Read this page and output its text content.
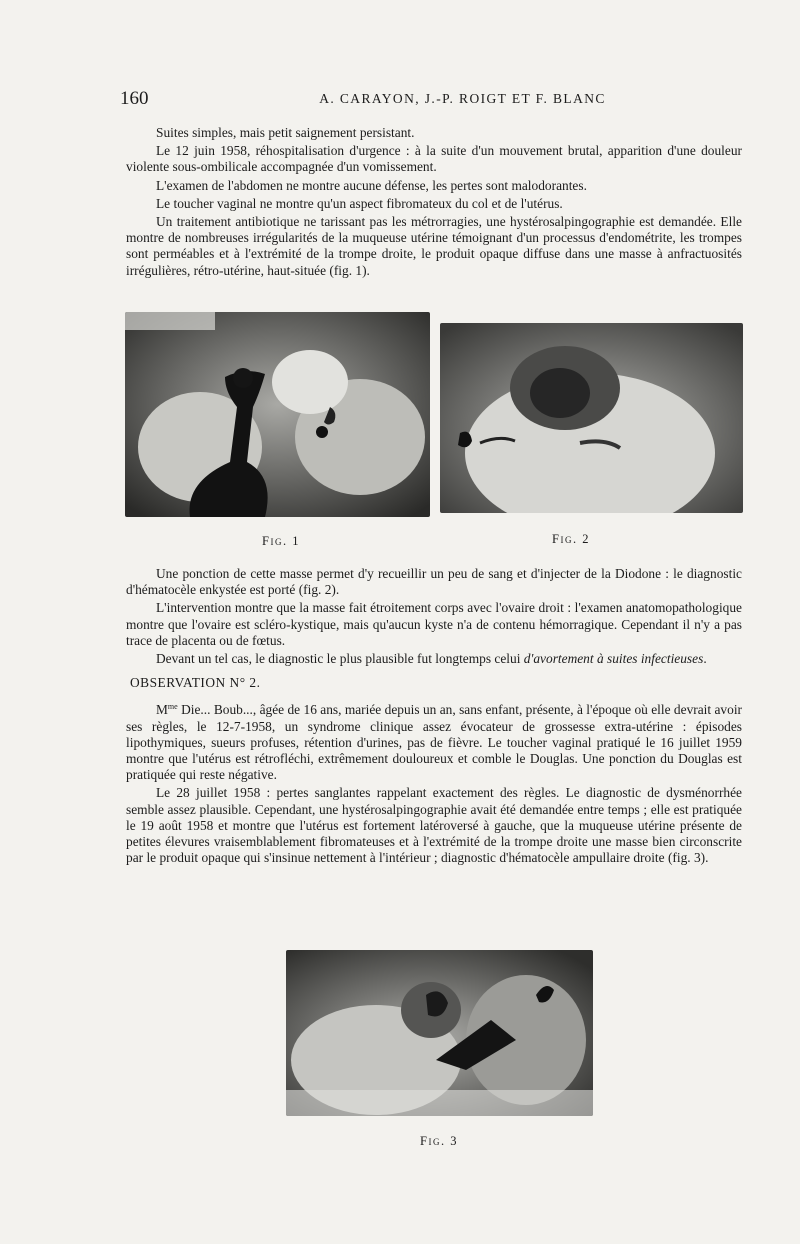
160	A. CARAYON, J.-P. ROIGT ET F. BLANC

Suites simples, mais petit saignement persistant.

Le 12 juin 1958, réhospitalisation d'urgence : à la suite d'un mouvement brutal, apparition d'une douleur violente sous-ombilicale accompagnée d'un vomissement.

L'examen de l'abdomen ne montre aucune défense, les pertes sont malodorantes.

Le toucher vaginal ne montre qu'un aspect fibromateux du col et de l'utérus.

Un traitement antibiotique ne tarissant pas les métrorragies, une hystérosalpingographie est demandée. Elle montre de nombreuses irrégularités de la muqueuse utérine témoignant d'un processus d'endométrite, les trompes sont perméables et à l'extrémité de la trompe droite, le produit opaque diffuse dans une masse à anfractuosités irrégulières, rétro-utérine, haut-située (fig. 1).

Fig. 1	Fig. 2

Une ponction de cette masse permet d'y recueillir un peu de sang et d'injecter de la Diodone : le diagnostic d'hématocèle enkystée est porté (fig. 2).

L'intervention montre que la masse fait étroitement corps avec l'ovaire droit : l'examen anatomopathologique montre que l'ovaire est scléro-kystique, mais qu'aucun kyste n'a de contenu hémorragique. Cependant il n'y a pas trace de placenta ou de fœtus.

Devant un tel cas, le diagnostic le plus plausible fut longtemps celui d'avortement à suites infectieuses.

OBSERVATION N° 2.

$M^{me}$ Die... Boub..., âgée de 16 ans, mariée depuis un an, sans enfant, présente, à l'époque où elle devrait avoir ses règles, le 12-7-1958, un syndrome clinique assez évocateur de grossesse extra-utérine : épisodes lipothymiques, sueurs profuses, rétention d'urines, pas de fièvre. Le toucher vaginal pratiqué le 16 juillet 1959 montre que l'utérus est rétrofléchi, extrêmement douloureux et comble le Douglas. Une ponction du Douglas est pratiquée qui reste négative.

Le 28 juillet 1958 : pertes sanglantes rappelant exactement des règles. Le diagnostic de dysménorrhée semble assez plausible. Cependant, une hystérosalpingographie avait été demandée entre temps ; elle est pratiquée le 19 août 1958 et montre que l'utérus est fortement latéroversé à gauche, que la muqueuse utérine présente de petites élevures vraisemblablement fibromateuses et à l'extrémité de la trompe droite une masse bien circonscrite par le produit opaque qui s'insinue nettement à l'intérieur ; diagnostic d'hématocèle ampullaire droite (fig. 3).

Fig. 3
